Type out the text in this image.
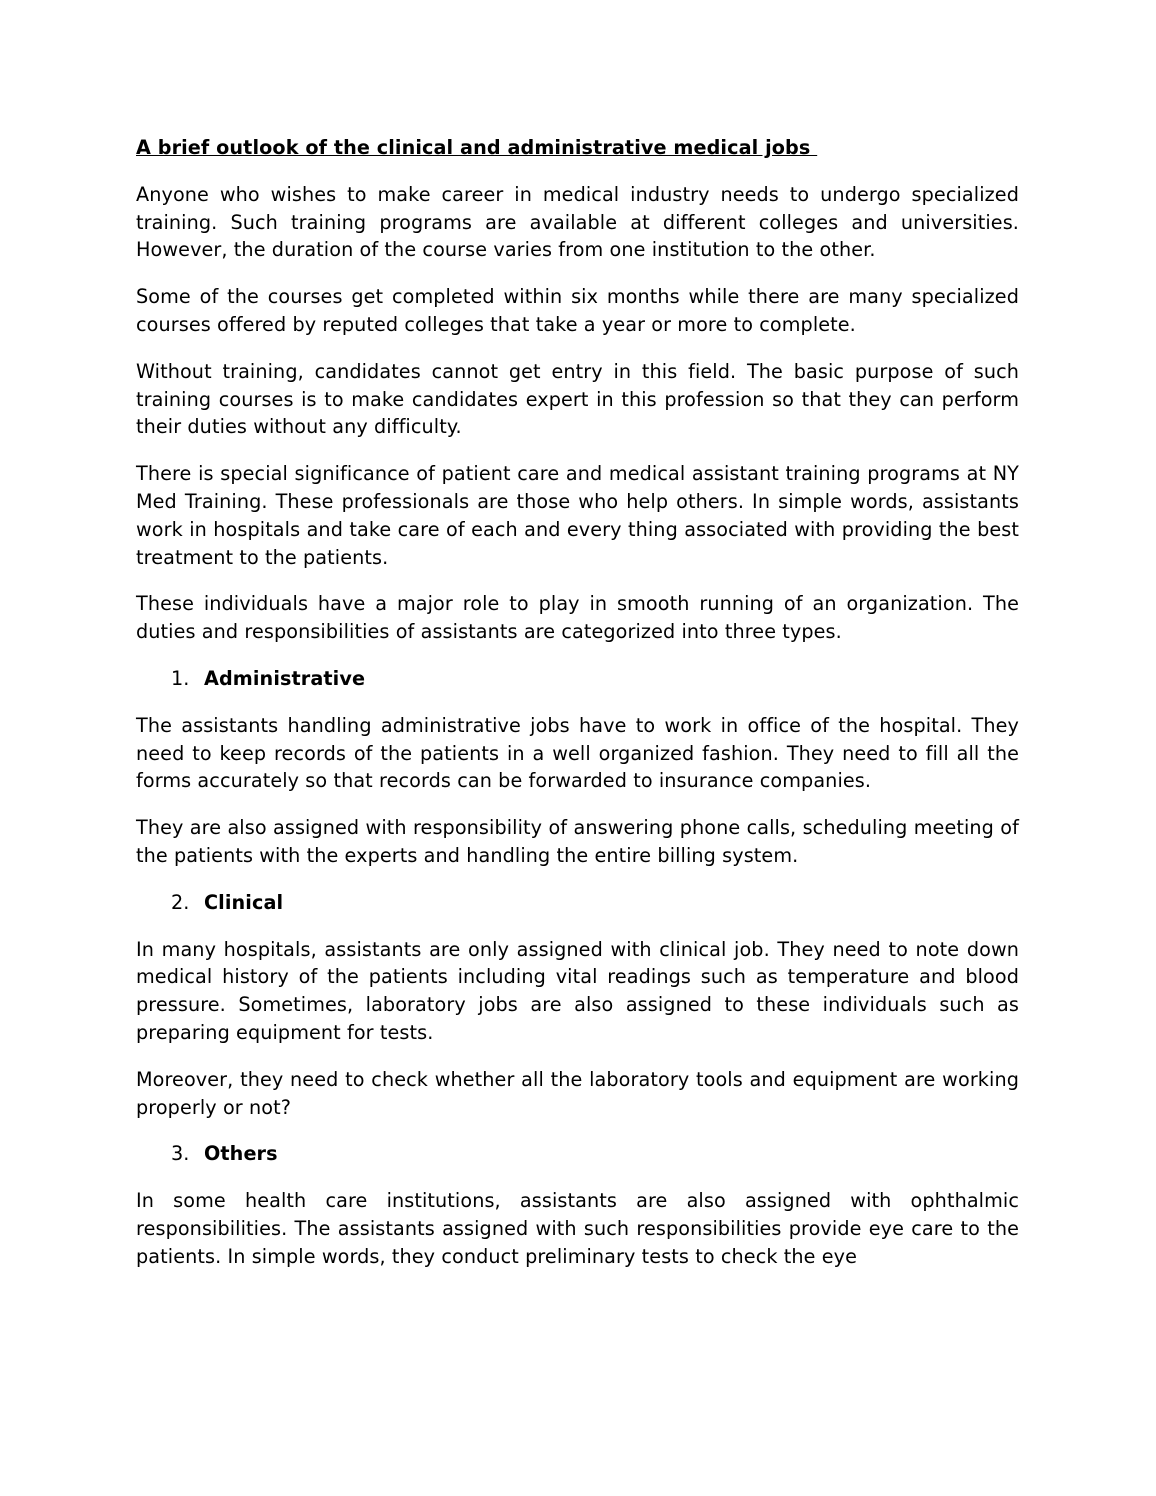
A brief outlook of the clinical and administrative medical jobs

Anyone who wishes to make career in medical industry needs to undergo specialized training. Such training programs are available at different colleges and universities. However, the duration of the course varies from one institution to the other.

Some of the courses get completed within six months while there are many specialized courses offered by reputed colleges that take a year or more to complete.

Without training, candidates cannot get entry in this field. The basic purpose of such training courses is to make candidates expert in this profession so that they can perform their duties without any difficulty.

There is special significance of patient care and medical assistant training programs at NY Med Training. These professionals are those who help others. In simple words, assistants work in hospitals and take care of each and every thing associated with providing the best treatment to the patients.

These individuals have a major role to play in smooth running of an organization. The duties and responsibilities of assistants are categorized into three types.

1. Administrative

The assistants handling administrative jobs have to work in office of the hospital. They need to keep records of the patients in a well organized fashion. They need to fill all the forms accurately so that records can be forwarded to insurance companies.

They are also assigned with responsibility of answering phone calls, scheduling meeting of the patients with the experts and handling the entire billing system.

2. Clinical

In many hospitals, assistants are only assigned with clinical job. They need to note down medical history of the patients including vital readings such as temperature and blood pressure. Sometimes, laboratory jobs are also assigned to these individuals such as preparing equipment for tests.

Moreover, they need to check whether all the laboratory tools and equipment are working properly or not?

3. Others

In some health care institutions, assistants are also assigned with ophthalmic responsibilities. The assistants assigned with such responsibilities provide eye care to the patients. In simple words, they conduct preliminary tests to check the eye
